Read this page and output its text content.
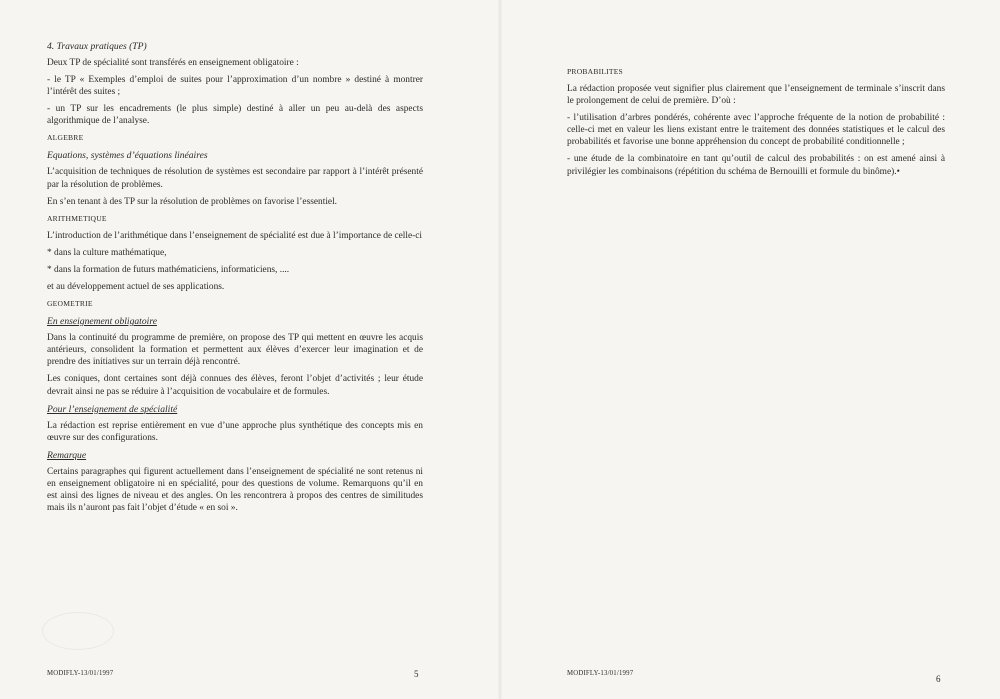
4. Travaux pratiques (TP)

Deux TP de spécialité sont transférés en enseignement obligatoire :

- le TP « Exemples d’emploi de suites pour l’approximation d’un nombre » destiné à montrer l’intérêt des suites ;

- un TP sur les encadrements (le plus simple) destiné à aller un peu au-delà des aspects algorithmique de l’analyse.

ALGEBRE

Equations, systèmes d’équations linéaires

L’acquisition de techniques de résolution de systèmes est secondaire par rapport à l’intérêt présenté par la résolution de problèmes.

En s’en tenant à des TP sur la résolution de problèmes on favorise l’essentiel.

ARITHMETIQUE

L’introduction de l’arithmétique dans l’enseignement de spécialité est due à l’importance de celle-ci

* dans la culture mathématique,

* dans la formation de futurs mathématiciens, informaticiens, ....

et au développement actuel de ses applications.

GEOMETRIE

En enseignement obligatoire

Dans la continuité du programme de première, on propose des TP qui mettent en œuvre les acquis antérieurs, consolident la formation et permettent aux élèves d’exercer leur imagination et de prendre des initiatives sur un terrain déjà rencontré.

Les coniques, dont certaines sont déjà connues des élèves, feront l’objet d’activités ; leur étude devrait ainsi ne pas se réduire à l’acquisition de vocabulaire et de formules.

Pour l’enseignement de spécialité

La rédaction est reprise entièrement en vue d’une approche plus synthétique des concepts mis en œuvre sur des configurations.

Remarque

Certains paragraphes qui figurent actuellement dans l’enseignement de spécialité ne sont retenus ni en enseignement obligatoire ni en spécialité, pour des questions de volume. Remarquons qu’il en est ainsi des lignes de niveau et des angles. On les rencontrera à propos des centres de similitudes mais ils n’auront pas fait l’objet d’étude « en soi ».

MODIFLY-13/01/1997	5

PROBABILITES

La rédaction proposée veut signifier plus clairement que l’enseignement de terminale s’inscrit dans le prolongement de celui de première. D’où :

- l’utilisation d’arbres pondérés, cohérente avec l’approche fréquente de la notion de probabilité : celle-ci met en valeur les liens existant entre le traitement des données statistiques et le calcul des probabilités et favorise une bonne appréhension du concept de probabilité conditionnelle ;

- une étude de la combinatoire en tant qu’outil de calcul des probabilités : on est amené ainsi à privilégier les combinaisons (répétition du schéma de Bernouilli et formule du binôme).•

MODIFLY-13/01/1997
6
